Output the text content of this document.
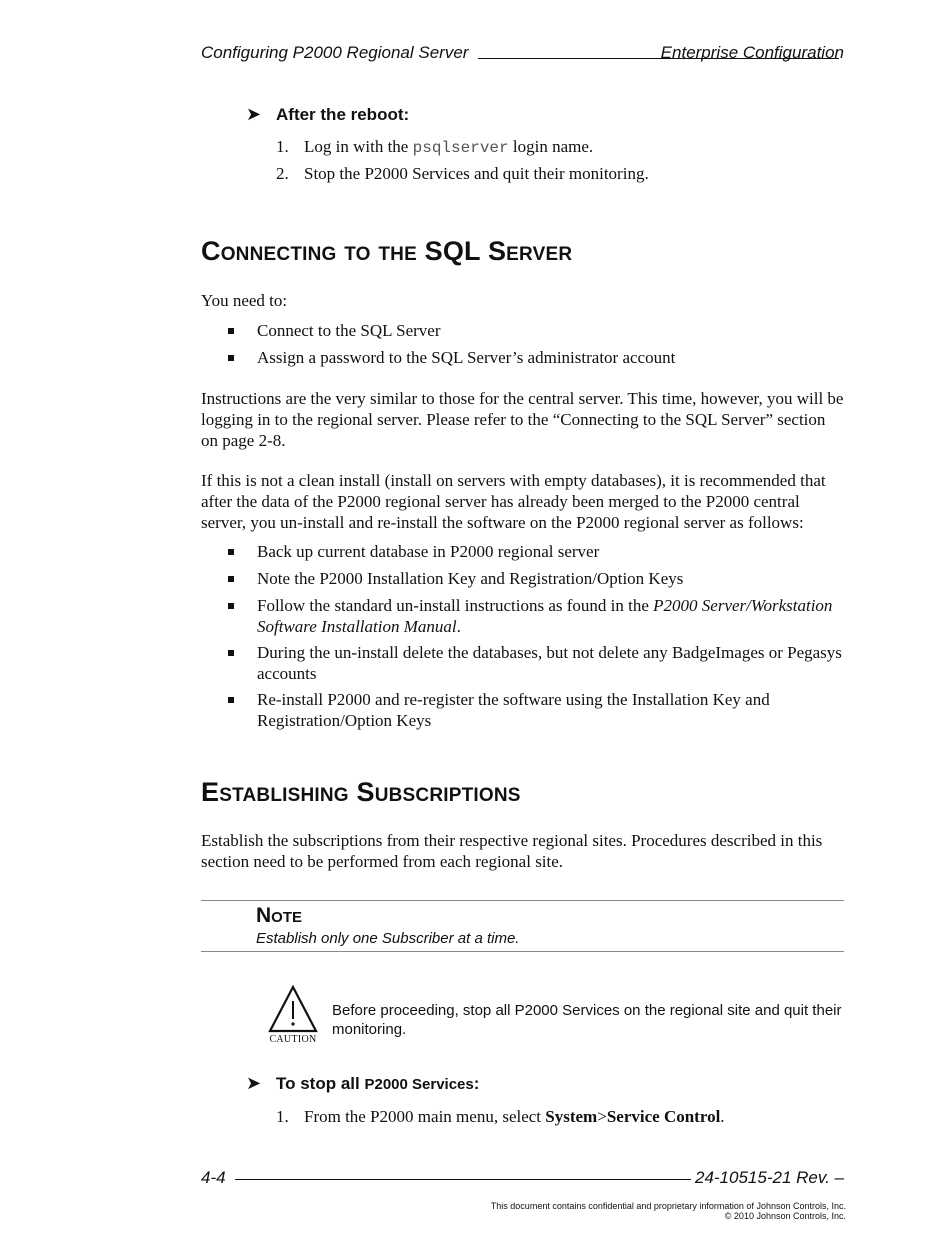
Configuring P2000 Regional Server	Enterprise Configuration
➤ After the reboot:
1. Log in with the psqlserver login name.
2. Stop the P2000 Services and quit their monitoring.
Connecting to the SQL Server
You need to:
Connect to the SQL Server
Assign a password to the SQL Server’s administrator account
Instructions are the very similar to those for the central server. This time, however, you will be logging in to the regional server. Please refer to the “Connecting to the SQL Server” section on page 2-8.
If this is not a clean install (install on servers with empty databases), it is recommended that after the data of the P2000 regional server has already been merged to the P2000 central server, you un-install and re-install the software on the P2000 regional server as follows:
Back up current database in P2000 regional server
Note the P2000 Installation Key and Registration/Option Keys
Follow the standard un-install instructions as found in the P2000 Server/Workstation Software Installation Manual.
During the un-install delete the databases, but not delete any BadgeImages or Pegasys accounts
Re-install P2000 and re-register the software using the Installation Key and Registration/Option Keys
Establishing Subscriptions
Establish the subscriptions from their respective regional sites. Procedures described in this section need to be performed from each regional site.
Note
Establish only one Subscriber at a time.
CAUTION
Before proceeding, stop all P2000 Services on the regional site and quit their monitoring.
➤ To stop all P2000 Services:
1. From the P2000 main menu, select System>Service Control.
4-4	24-10515-21 Rev. –
This document contains confidential and proprietary information of Johnson Controls, Inc.
© 2010 Johnson Controls, Inc.
